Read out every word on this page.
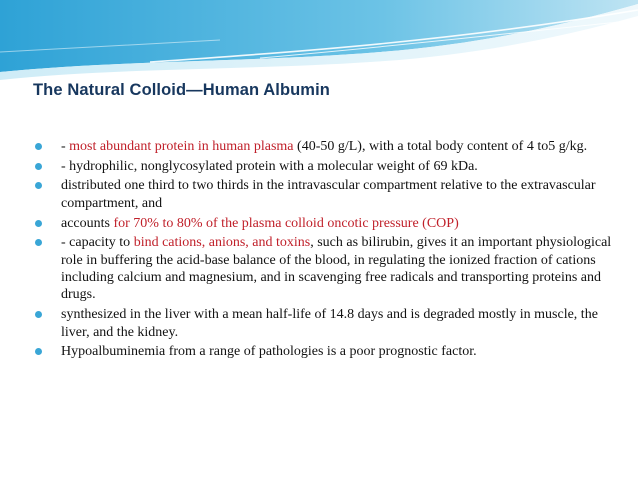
The Natural Colloid—Human Albumin
- most abundant protein in human plasma (40-50 g/L), with a total body content of 4 to5 g/kg.
- hydrophilic, nonglycosylated protein with a molecular weight of 69 kDa.
distributed one third to two thirds in the intravascular compartment relative to the extravascular compartment, and
accounts for 70% to 80% of the plasma colloid oncotic pressure (COP)
- capacity to bind cations, anions, and toxins, such as bilirubin, gives it an important physiological role in buffering the acid-base balance of the blood, in regulating the ionized fraction of cations including calcium and magnesium, and in scavenging free radicals and transporting proteins and drugs.
synthesized in the liver with a mean half-life of 14.8 days and is degraded mostly in muscle, the liver, and the kidney.
Hypoalbuminemia from a range of pathologies is a poor prognostic factor.
